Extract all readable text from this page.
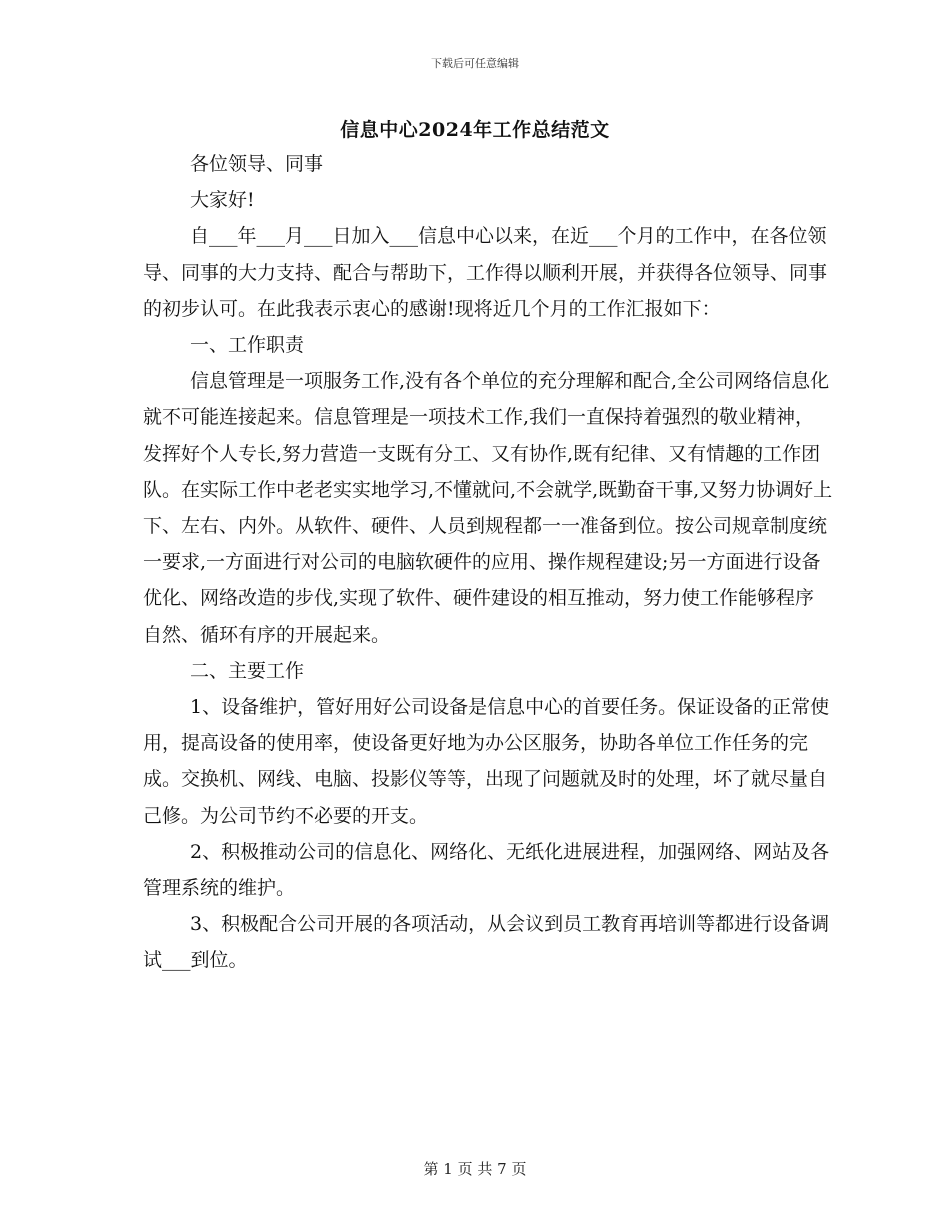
下载后可任意编辑
信息中心2024年工作总结范文

各位领导、同事

大家好!

自___年___月___日加入___信息中心以来，在近___个月的工作中，在各位领导、同事的大力支持、配合与帮助下，工作得以顺利开展，并获得各位领导、同事的初步认可。在此我表示衷心的感谢!现将近几个月的工作汇报如下：

一、工作职责

信息管理是一项服务工作,没有各个单位的充分理解和配合,全公司网络信息化就不可能连接起来。信息管理是一项技术工作,我们一直保持着强烈的敬业精神，发挥好个人专长,努力营造一支既有分工、又有协作,既有纪律、又有情趣的工作团队。在实际工作中老老实实地学习,不懂就问,不会就学,既勤奋干事,又努力协调好上下、左右、内外。从软件、硬件、人员到规程都一一准备到位。按公司规章制度统一要求,一方面进行对公司的电脑软硬件的应用、操作规程建设;另一方面进行设备优化、网络改造的步伐,实现了软件、硬件建设的相互推动，努力使工作能够程序自然、循环有序的开展起来。

二、主要工作

1、设备维护，管好用好公司设备是信息中心的首要任务。保证设备的正常使用，提高设备的使用率，使设备更好地为办公区服务，协助各单位工作任务的完成。交换机、网线、电脑、投影仪等等，出现了问题就及时的处理，坏了就尽量自己修。为公司节约不必要的开支。

2、积极推动公司的信息化、网络化、无纸化进展进程，加强网络、网站及各管理系统的维护。

3、积极配合公司开展的各项活动，从会议到员工教育再培训等都进行设备调试___到位。

第 1 页 共 7 页
